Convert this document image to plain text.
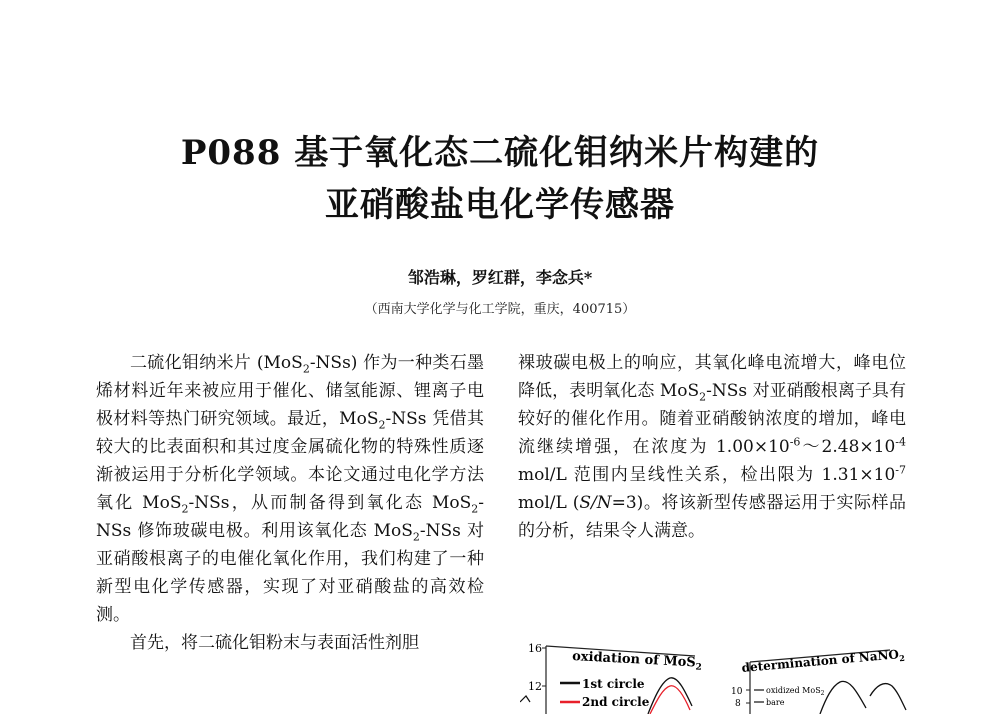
P088 基于氧化态二硫化钼纳米片构建的
亚硝酸盐电化学传感器
邹浩琳，罗红群，李念兵*
（西南大学化学与化工学院，重庆，400715）

二硫化钼纳米片 (MoS$_2$-NSs) 作为一种类石墨烯材料近年来被应用于催化、储氢能源、锂离子电极材料等热门研究领域。最近，MoS$_2$-NSs 凭借其较大的比表面积和其过度金属硫化物的特殊性质逐渐被运用于分析化学领域。本论文通过电化学方法氧化 MoS$_2$-NSs，从而制备得到氧化态 MoS$_2$-NSs 修饰玻碳电极。利用该氧化态 MoS$_2$-NSs 对亚硝酸根离子的电催化氧化作用，我们构建了一种新型电化学传感器，实现了对亚硝酸盐的高效检测。

首先，将二硫化钼粉末与表面活性剂胆

裸玻碳电极上的响应，其氧化峰电流增大，峰电位降低，表明氧化态 MoS$_2$-NSs 对亚硝酸根离子具有较好的催化作用。随着亚硝酸钠浓度的增加，峰电流继续增强，在浓度为 $1.00\times 10^{-6}\sim 2.48\times 10^{-4}$ mol/L 范围内呈线性关系，检出限为 $1.31\times 10^{-7}$ mol/L (S/N=3)。将该新型传感器运用于实际样品的分析，结果令人满意。

16
12
oxidation of MoS$_2$
1st circle
2nd circle
10
8
determination of NaNO$_2$
oxidized MoS$_2$
bare
